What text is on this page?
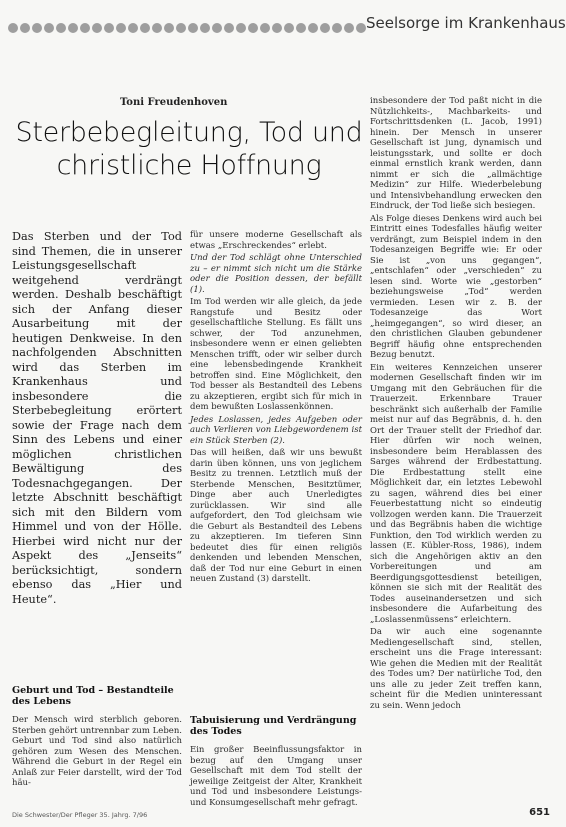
Seelsorge im Krankenhaus
Toni Freudenhoven
Sterbebegleitung, Tod und christliche Hoffnung
Das Sterben und der Tod sind Themen, die in unserer Leistungsgesellschaft weitgehend verdrängt werden. Deshalb beschäftigt sich der Anfang dieser Ausarbeitung mit der heutigen Denkweise. In den nachfolgenden Abschnitten wird das Sterben im Krankenhaus und insbesondere die Sterbebegleitung erörtert sowie der Frage nach dem Sinn des Lebens und einer möglichen christlichen Bewältigung des Todesnachgegangen. Der letzte Abschnitt beschäftigt sich mit den Bildern vom Himmel und von der Hölle. Hierbei wird nicht nur der Aspekt des „Jenseits“ berücksichtigt, sondern ebenso das „Hier und Heute“.

für unsere moderne Gesellschaft als etwas „Erschreckendes“ erlebt.

Und der Tod schlägt ohne Unterschied zu – er nimmt sich nicht um die Stärke oder die Position dessen, der befällt (1).

Im Tod werden wir alle gleich, da jede Rangstufe und Besitz oder gesellschaftliche Stellung. Es fällt uns schwer, der Tod anzunehmen, insbesondere wenn er einen geliebten Menschen trifft, oder wir selber durch eine lebensbedingende Krankheit betroffen sind. Eine Möglichkeit, den Tod besser als Bestandteil des Lebens zu akzeptieren, ergibt sich für mich in dem bewußten Loslassenkönnen.

Jedes Loslassen, jedes Aufgeben oder auch Verlieren von Liebgewordenem ist ein Stück Sterben (2).

Das will heißen, daß wir uns bewußt darin üben können, uns von jeglichem Besitz zu trennen. Letztlich muß der Sterbende Menschen, Besitztümer, Dinge aber auch Unerledigtes zurücklassen. Wir sind alle aufgefordert, den Tod gleichsam wie die Geburt als Bestandteil des Lebens zu akzeptieren. Im tieferen Sinn bedeutet dies für einen religiös denkenden und lebenden Menschen, daß der Tod nur eine Geburt in einen neuen Zustand (3) darstellt.

insbesondere der Tod paßt nicht in die Nützlichkeits-, Machbarkeits- und Fortschrittsdenken (L. Jacob, 1991) hinein. Der Mensch in unserer Gesellschaft ist jung, dynamisch und leistungsstark, und sollte er doch einmal ernstlich krank werden, dann nimmt er sich die „allmächtige Medizin“ zur Hilfe. Wiederbelebung und Intensivbehandlung erwecken den Eindruck, der Tod ließe sich besiegen.

Als Folge dieses Denkens wird auch bei Eintritt eines Todesfalles häufig weiter verdrängt, zum Beispiel indem in den Todesanzeigen Begriffe wie: Er oder Sie ist „von uns gegangen“, „entschlafen“ oder „verschieden“ zu lesen sind. Worte wie „gestorben“ beziehungsweise „Tod“ werden vermieden. Lesen wir z. B. der Todesanzeige das Wort „heimgegangen“, so wird dieser, an den christlichen Glauben gebundener Begriff häufig ohne entsprechenden Bezug benutzt.

Ein weiteres Kennzeichen unserer modernen Gesellschaft finden wir im Umgang mit den Gebräuchen für die Trauerzeit. Erkennbare Trauer beschränkt sich außerhalb der Familie meist nur auf das Begräbnis, d. h. den Ort der Trauer stellt der Friedhof dar. Hier dürfen wir noch weinen, insbesondere beim Herablassen des Sarges während der Erdbestattung. Die Erdbestattung stellt eine Möglichkeit dar, ein letztes Lebewohl zu sagen, während dies bei einer Feuerbestattung nicht so eindeutig vollzogen werden kann. Die Trauerzeit und das Begräbnis haben die wichtige Funktion, den Tod wirklich werden zu lassen (E. Kübler-Ross, 1986), indem sich die Angehörigen aktiv an den Vorbereitungen und am Beerdigungsgottesdienst beteiligen, können sie sich mit der Realität des Todes auseinandersetzen und sich insbesondere die Aufarbeitung des „Loslassenmüssens“ erleichtern.

Da wir auch eine sogenannte Mediengesellschaft sind, stellen, erscheint uns die Frage interessant: Wie gehen die Medien mit der Realität des Todes um? Der natürliche Tod, den uns alle zu jeder Zeit treffen kann, scheint für die Medien uninteressant zu sein. Wenn jedoch

Geburt und Tod – Bestandteile des Lebens
Der Mensch wird sterblich geboren. Sterben gehört untrennbar zum Leben. Geburt und Tod sind also natürlich gehören zum Wesen des Menschen. Während die Geburt in der Regel ein Anlaß zur Feier darstellt, wird der Tod häu-
Tabuisierung und Verdrängung des Todes
Ein großer Beeinflussungsfaktor in bezug auf den Umgang unser Gesellschaft mit dem Tod stellt der jeweilige Zeitgeist der Alter, Krankheit und Tod und insbesondere Leistungs- und Konsumgesellschaft mehr gefragt.
Die Schwester/Der Pfleger 35. Jahrg. 7/96	651
